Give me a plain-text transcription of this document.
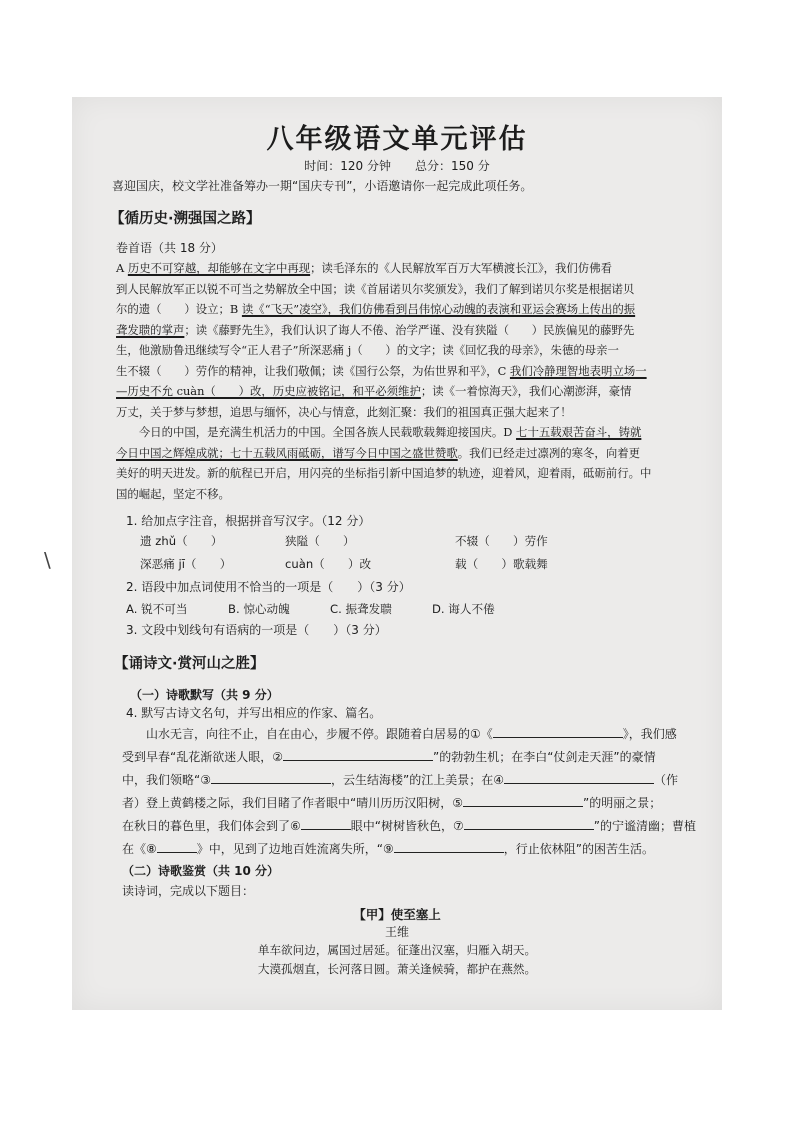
八年级语文单元评估
时间：120 分钟　　总分：150 分
喜迎国庆，校文学社准备筹办一期“国庆专刊”，小语邀请你一起完成此项任务。
【循历史·溯强国之路】
卷首语（共 18 分）
A 历史不可穿越，却能够在文字中再现；读毛泽东的《人民解放军百万大军横渡长江》，我们仿佛看
到人民解放军正以锐不可当之势解放全中国；读《首届诺贝尔奖颁发》，我们了解到诺贝尔奖是根据诺贝
尔的遗（　　）设立；B 读《“飞天”凌空》，我们仿佛看到吕伟惊心动魄的表演和亚运会赛场上传出的振
聋发聩的掌声；读《藤野先生》，我们认识了诲人不倦、治学严谨、没有狭隘（　　）民族偏见的藤野先
生，他激励鲁迅继续写令“正人君子”所深恶痛 j（　　）的文字；读《回忆我的母亲》，朱德的母亲一
生不辍（　　）劳作的精神，让我们敬佩；读《国行公祭，为佑世界和平》，C 我们冷静理智地表明立场一
—历史不允 cuàn（　　）改，历史应被铭记，和平必须维护；读《一着惊海天》，我们心潮澎湃，豪情
万丈，关于梦与梦想，追思与缅怀，决心与情意，此刻汇聚：我们的祖国真正强大起来了！
　　今日的中国，是充满生机活力的中国。全国各族人民载歌载舞迎接国庆。D 七十五载艰苦奋斗，铸就
今日中国之辉煌成就；七十五载风雨砥砺，谱写今日中国之盛世赞歌。我们已经走过凛冽的寒冬，向着更
美好的明天进发。新的航程已开启，用闪亮的坐标指引新中国追梦的轨迹，迎着风，迎着雨，砥砺前行。中
国的崛起，坚定不移。
1. 给加点字注音，根据拼音写汉字。（12 分）
遗 zhǔ（　　）	狭隘（　　）	不辍（　　）劳作
深恶痛 jī（　　）	cuàn（　　）改	载（　　）歌载舞
2. 语段中加点词使用不恰当的一项是（　　）（3 分）
A. 锐不可当	B. 惊心动魄	C. 振聋发聩	D. 诲人不倦
3. 文段中划线句有语病的一项是（　　）（3 分）
【诵诗文·赏河山之胜】
（一）诗歌默写（共 9 分）
4. 默写古诗文名句，并写出相应的作家、篇名。
　　山水无言，向往不止，自在由心，步履不停。跟随着白居易的①《	》，我们感
受到早春“乱花渐欲迷人眼，②	”的勃勃生机；在李白“仗剑走天涯”的豪情
中，我们领略“③	，云生结海楼”的江上美景；在④	（作
者）登上黄鹤楼之际，我们目睹了作者眼中“晴川历历汉阳树，⑤	”的明丽之景；
在秋日的暮色里，我们体会到了⑥	眼中“树树皆秋色，⑦	”的宁谧清幽；曹植
在《⑧	》中，见到了边地百姓流离失所，“⑨	，行止依林阻”的困苦生活。
（二）诗歌鉴赏（共 10 分）
读诗词，完成以下题目：
【甲】使至塞上
王维
单车欲问边，属国过居延。征蓬出汉塞，归雁入胡天。
大漠孤烟直，长河落日圆。萧关逢候骑，都护在燕然。
\
